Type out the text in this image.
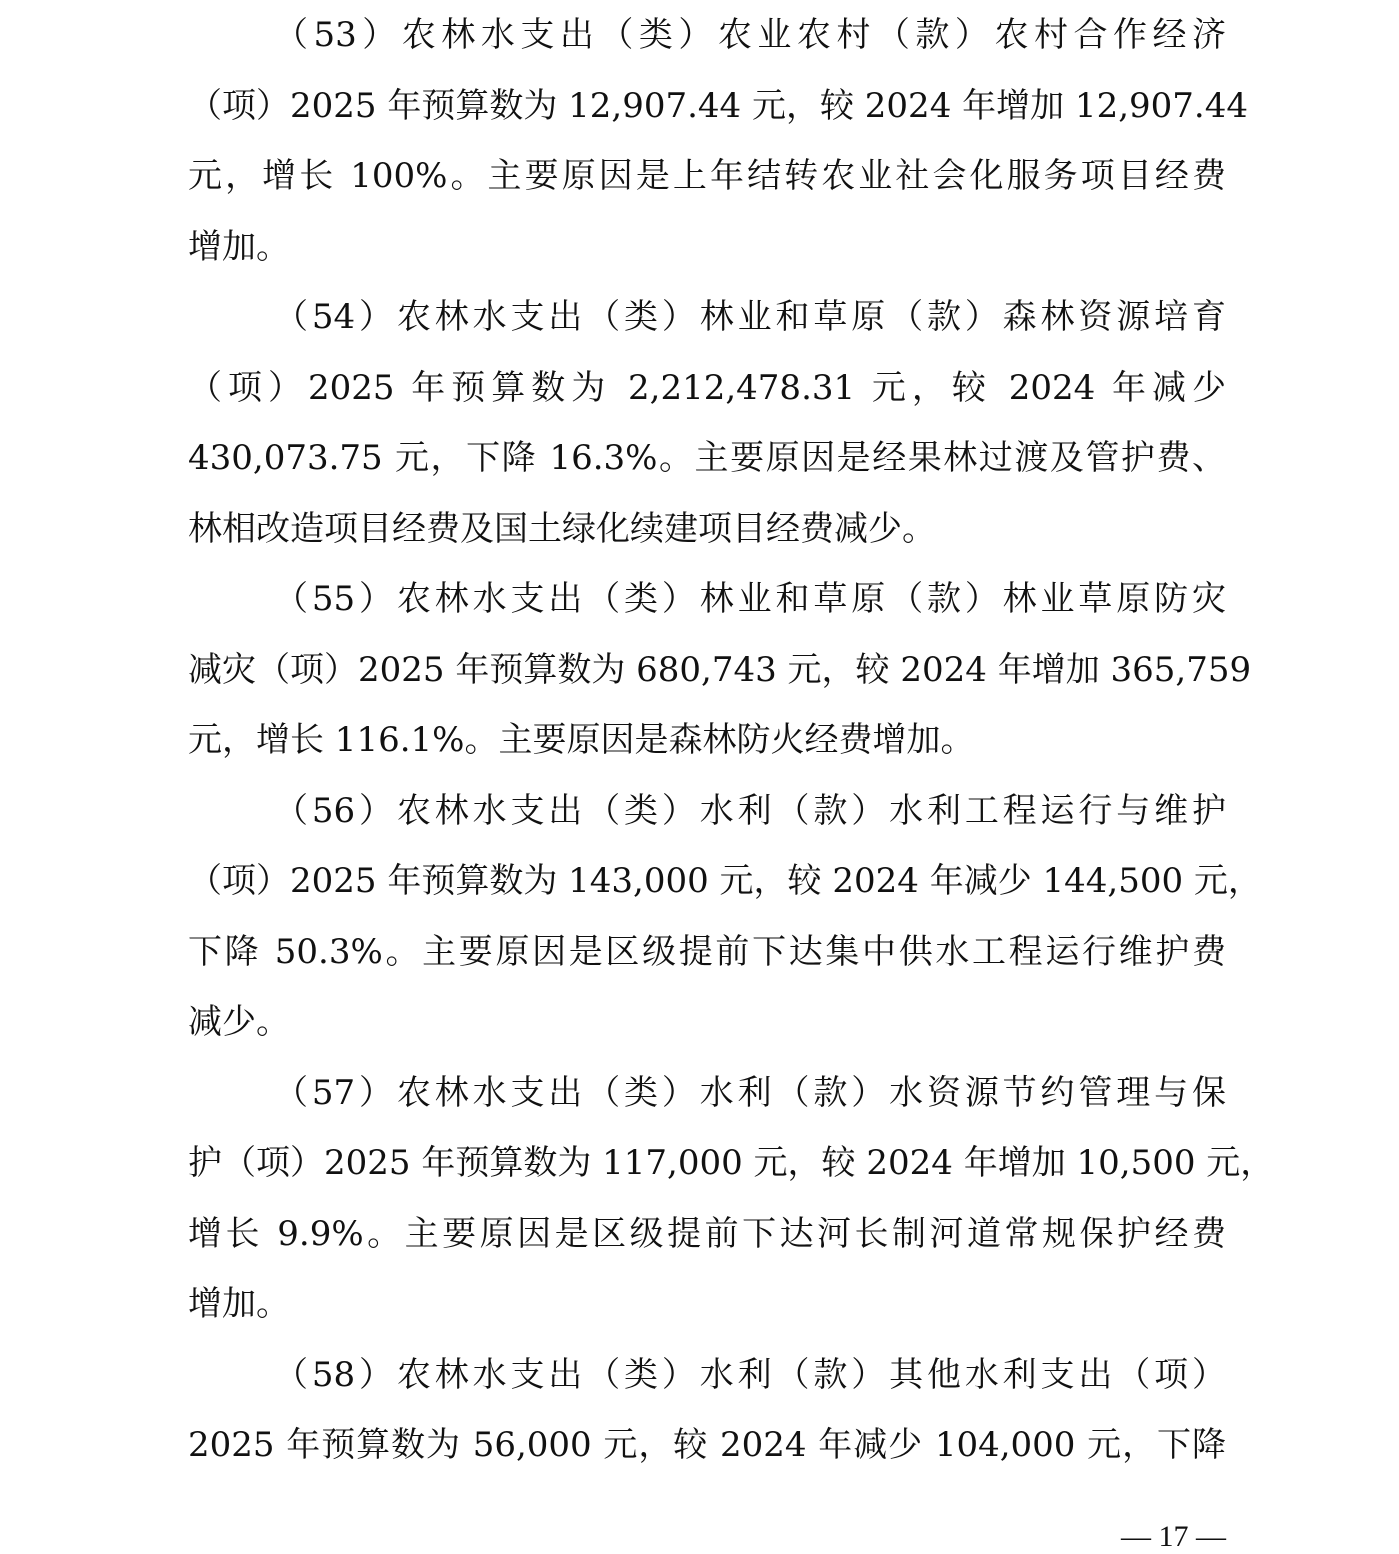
（53）农林水支出（类）农业农村（款）农村合作经济
（项）2025 年预算数为 12,907.44 元，较 2024 年增加 12,907.44
元，增长 100%。主要原因是上年结转农业社会化服务项目经费
增加。
（54）农林水支出（类）林业和草原（款）森林资源培育
（项）2025 年预算数为 2,212,478.31 元，较 2024 年减少
430,073.75 元，下降 16.3%。主要原因是经果林过渡及管护费、
林相改造项目经费及国土绿化续建项目经费减少。
（55）农林水支出（类）林业和草原（款）林业草原防灾
减灾（项）2025 年预算数为 680,743 元，较 2024 年增加 365,759
元，增长 116.1%。主要原因是森林防火经费增加。
（56）农林水支出（类）水利（款）水利工程运行与维护
（项）2025 年预算数为 143,000 元，较 2024 年减少 144,500 元，
下降 50.3%。主要原因是区级提前下达集中供水工程运行维护费
减少。
（57）农林水支出（类）水利（款）水资源节约管理与保
护（项）2025 年预算数为 117,000 元，较 2024 年增加 10,500 元，
增长 9.9%。主要原因是区级提前下达河长制河道常规保护经费
增加。
（58）农林水支出（类）水利（款）其他水利支出（项）
2025 年预算数为 56,000 元，较 2024 年减少 104,000 元，下降
— 17 —
